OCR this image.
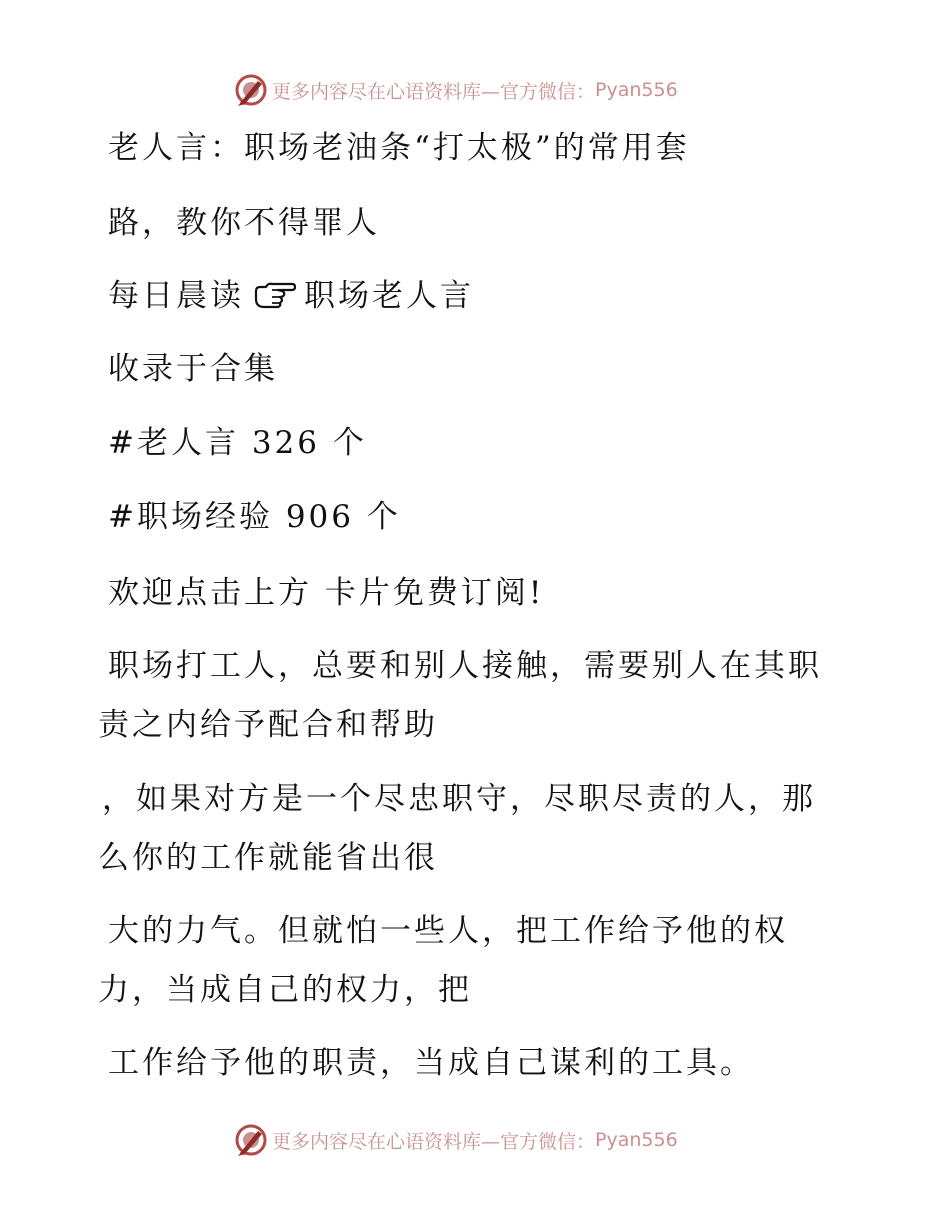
更多内容尽在心语资料库—官方微信： Pyan556
老人言：职场老油条“打太极”的常用套
路，教你不得罪人
每日晨读 职场老人言
收录于合集
#老人言 326 个
#职场经验 906 个
欢迎点击上方 卡片免费订阅!
职场打工人，总要和别人接触，需要别人在其职
责之内给予配合和帮助
，如果对方是一个尽忠职守，尽职尽责的人，那
么你的工作就能省出很
大的力气。但就怕一些人，把工作给予他的权
力，当成自己的权力，把
工作给予他的职责，当成自己谋利的工具。
更多内容尽在心语资料库—官方微信： Pyan556
